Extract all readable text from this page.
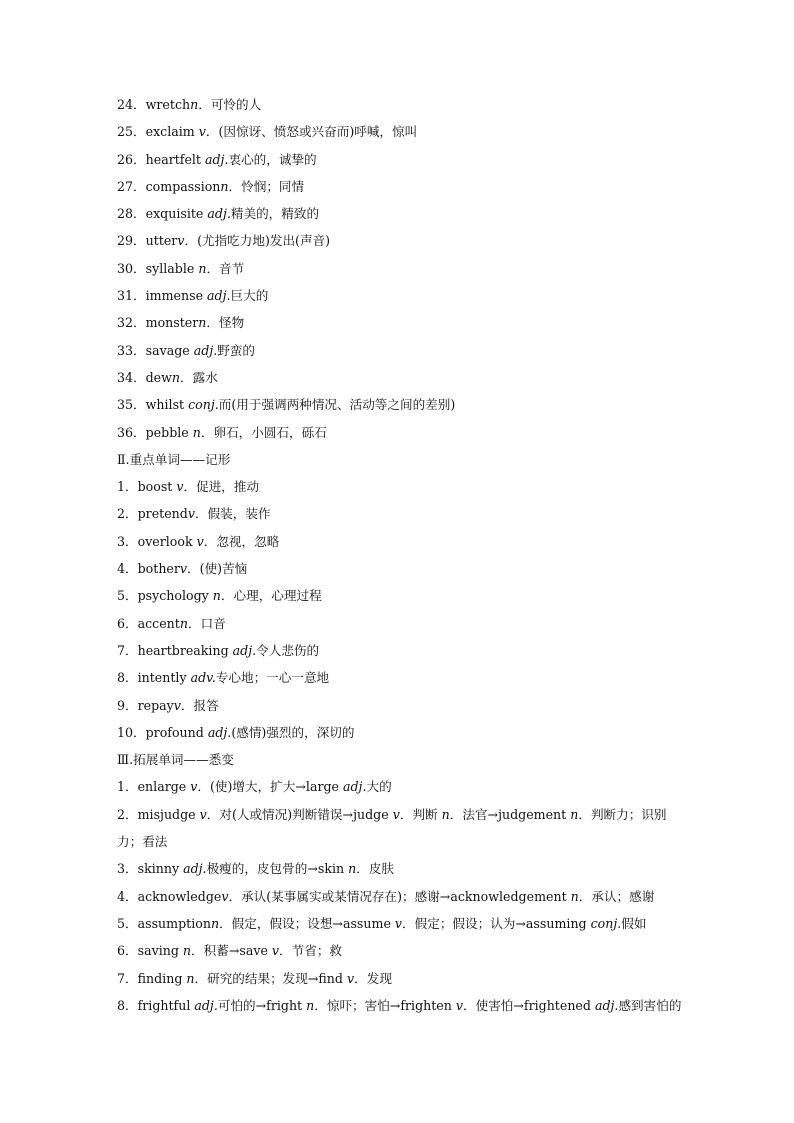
24．wretchn．可怜的人
25．exclaim v．(因惊讶、愤怒或兴奋而)呼喊，惊叫
26．heartfelt adj.衷心的，诚挚的
27．compassionn．怜悯；同情
28．exquisite adj.精美的，精致的
29．utterv．(尤指吃力地)发出(声音)
30．syllable n．音节
31．immense adj.巨大的
32．monstern．怪物
33．savage adj.野蛮的
34．dewn．露水
35．whilst conj.而(用于强调两种情况、活动等之间的差别)
36．pebble n．卵石，小圆石，砾石
Ⅱ.重点单词——记形
1．boost v．促进，推动
2．pretendv．假装，装作
3．overlook v．忽视，忽略
4．botherv．(使)苦恼
5．psychology n．心理，心理过程
6．accentn．口音
7．heartbreaking adj.令人悲伤的
8．intently adv.专心地；一心一意地
9．repayv．报答
10．profound adj.(感情)强烈的，深切的
Ⅲ.拓展单词——悉变
1．enlarge v．(使)增大，扩大→large adj.大的
2．misjudge v．对(人或情况)判断错误→judge v．判断 n．法官→judgement n．判断力；识别力；看法
3．skinny adj.极瘦的，皮包骨的→skin n．皮肤
4．acknowledgev．承认(某事属实或某情况存在)；感谢→acknowledgement n．承认；感谢
5．assumptionn．假定，假设；设想→assume v．假定；假设；认为→assuming conj.假如
6．saving n．积蓄→save v．节省；救
7．finding n．研究的结果；发现→find v．发现
8．frightful adj.可怕的→fright n．惊吓；害怕→frighten v．使害怕→frightened adj.感到害怕的
